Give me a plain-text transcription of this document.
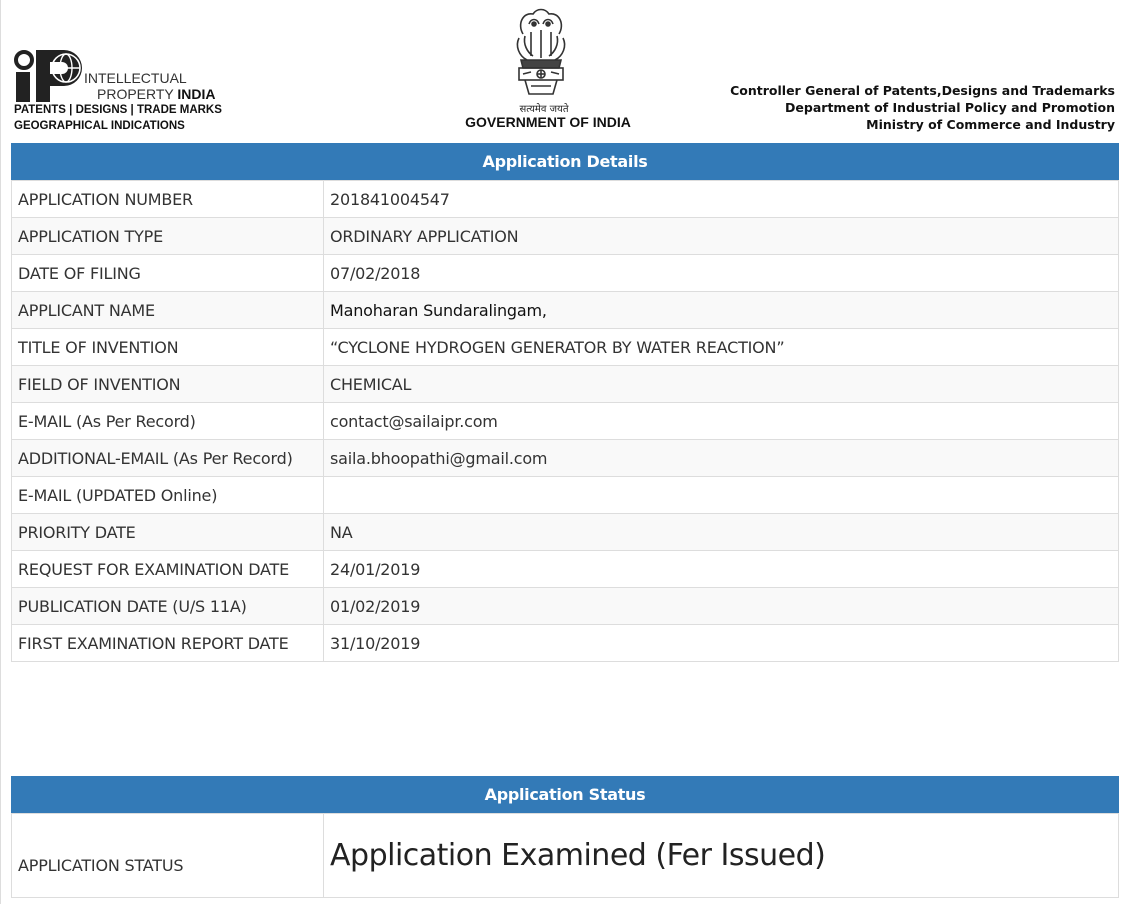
INTELLECTUAL
PROPERTY INDIA
PATENTS | DESIGNS | TRADE MARKS
GEOGRAPHICAL INDICATIONS
सत्यमेव जयते
GOVERNMENT OF INDIA
Controller General of Patents,Designs and Trademarks
Department of Industrial Policy and Promotion
Ministry of Commerce and Industry
Application Details
APPLICATION NUMBER	201841004547
APPLICATION TYPE	ORDINARY APPLICATION
DATE OF FILING	07/02/2018
APPLICANT NAME	Manoharan Sundaralingam,
TITLE OF INVENTION	“CYCLONE HYDROGEN GENERATOR BY WATER REACTION”
FIELD OF INVENTION	CHEMICAL
E-MAIL (As Per Record)	contact@sailaipr.com
ADDITIONAL-EMAIL (As Per Record)	saila.bhoopathi@gmail.com
E-MAIL (UPDATED Online)	
PRIORITY DATE	NA
REQUEST FOR EXAMINATION DATE	24/01/2019
PUBLICATION DATE (U/S 11A)	01/02/2019
FIRST EXAMINATION REPORT DATE	31/10/2019
Application Status
APPLICATION STATUS	Application Examined (Fer Issued)
